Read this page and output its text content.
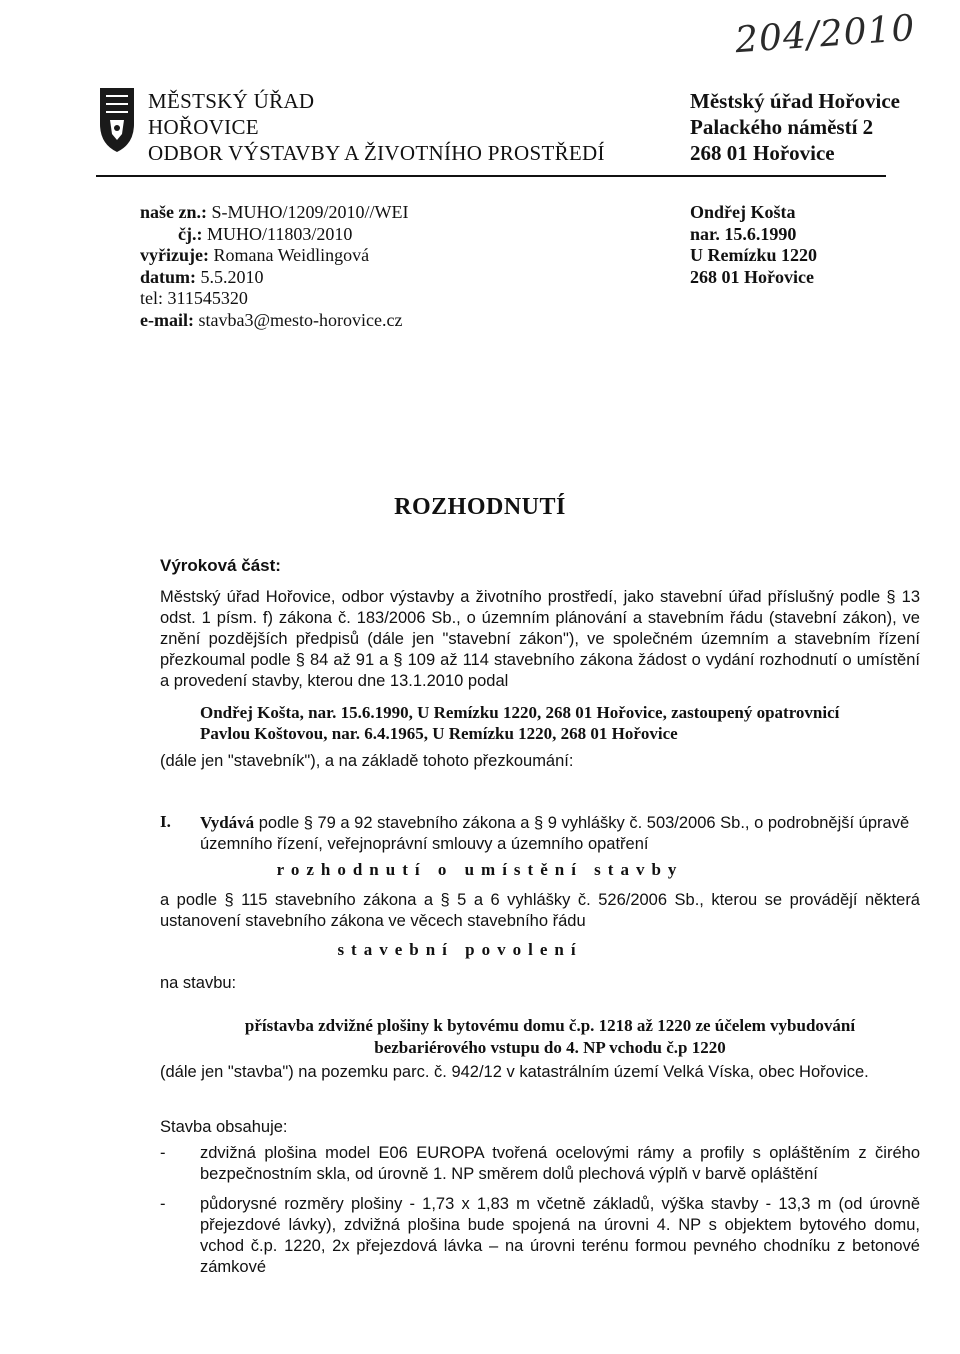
204/2010
MĚSTSKÝ ÚŘAD
HOŘOVICE
ODBOR VÝSTAVBY A ŽIVOTNÍHO PROSTŘEDÍ
Městský úřad Hořovice
Palackého náměstí 2
268 01 Hořovice
naše zn.: S-MUHO/1209/2010//WEI
čj.: MUHO/11803/2010
vyřizuje: Romana Weidlingová
datum: 5.5.2010
tel: 311545320
e-mail: stavba3@mesto-horovice.cz
Ondřej Košta
nar. 15.6.1990
U Remízku 1220
268 01 Hořovice
ROZHODNUTÍ
Výroková část:

Městský úřad Hořovice, odbor výstavby a životního prostředí, jako stavební úřad příslušný podle § 13 odst. 1 písm. f) zákona č. 183/2006 Sb., o územním plánování a stavebním řádu (stavební zákon), ve znění pozdějších předpisů (dále jen "stavební zákon"), ve společném územním a stavebním řízení přezkoumal podle § 84 až 91 a § 109 až 114 stavebního zákona žádost o vydání rozhodnutí o umístění a provedení stavby, kterou dne 13.1.2010 podal

Ondřej Košta, nar. 15.6.1990, U Remízku 1220, 268 01 Hořovice, zastoupený opatrovnicí

Pavlou Koštovou, nar. 6.4.1965, U Remízku 1220, 268 01 Hořovice

(dále jen "stavebník"), a na základě tohoto přezkoumání:
I. Vydává podle § 79 a 92 stavebního zákona a § 9 vyhlášky č. 503/2006 Sb., o podrobnější úpravě územního řízení, veřejnoprávní smlouvy a územního opatření
rozhodnutí o umístění stavby

a podle § 115 stavebního zákona a § 5 a 6 vyhlášky č. 526/2006 Sb., kterou se provádějí některá ustanovení stavebního zákona ve věcech stavebního řádu

stavební povolení
na stavbu:

přístavba zdvižné plošiny k bytovému domu č.p. 1218 až 1220 ze účelem vybudování

bezbariérového vstupu do 4. NP vchodu č.p 1220

(dále jen "stavba") na pozemku parc. č. 942/12 v katastrálním území Velká Víska, obec Hořovice.
Stavba obsahuje:
- zdvižná plošina model E06 EUROPA tvořená ocelovými rámy a profily s opláštěním z čirého bezpečnostním skla, od úrovně 1. NP směrem dolů plechová výplň v barvě opláštění

- půdorysné rozměry plošiny - 1,73 x 1,83 m včetně základů, výška stavby - 13,3 m (od úrovně přejezdové lávky), zdvižná plošina bude spojená na úrovni 4. NP s objektem bytového domu, vchod č.p. 1220, 2x přejezdová lávka – na úrovni terénu formou pevného chodníku z betonové zámkové
